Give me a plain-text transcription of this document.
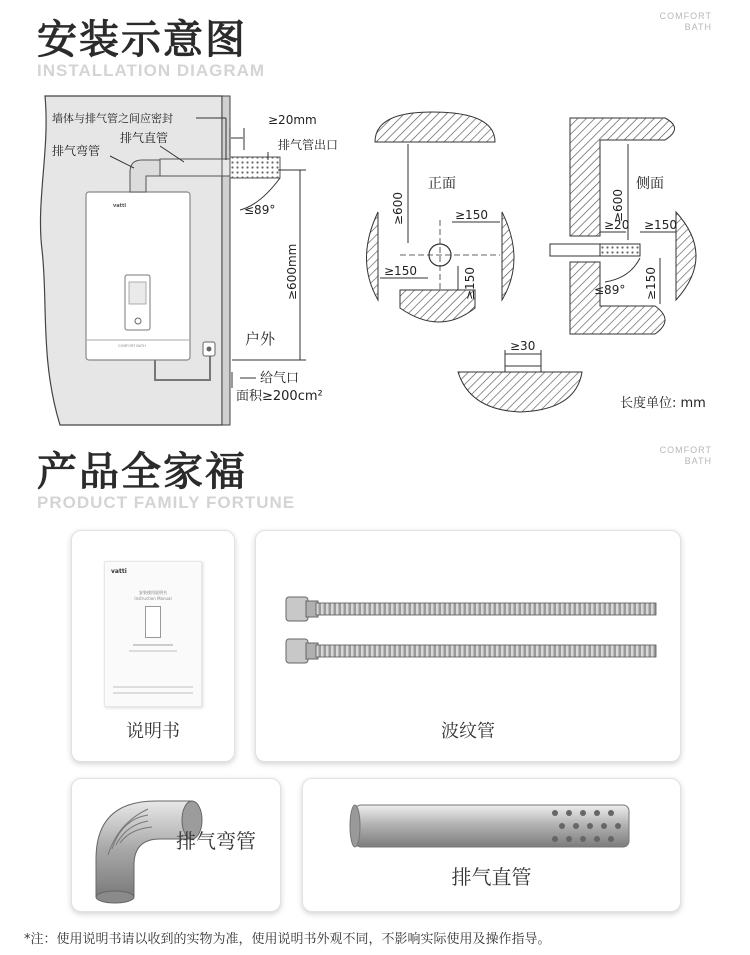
安装示意图
INSTALLATION DIAGRAM
COMFORT
BATH
vatti
COMFORT BATH
墙体与排气管之间应密封
排气直管
排气弯管
≥20mm
排气管出口
≤89°
≥600mm
户外
给气口
面积≥200cm²
≥600
正面
≥150
≥150	≥150
≥600
侧面
≥20 ≥150
≤89° ≥150
≥30
长度单位: mm
产品全家福
PRODUCT FAMILY FORTUNE
COMFORT
BATH
vatti
安装使用说明书
Instruction Manual
说明书	波纹管
排气弯管
排气直管
*注：使用说明书请以收到的实物为准，使用说明书外观不同，不影响实际使用及操作指导。
